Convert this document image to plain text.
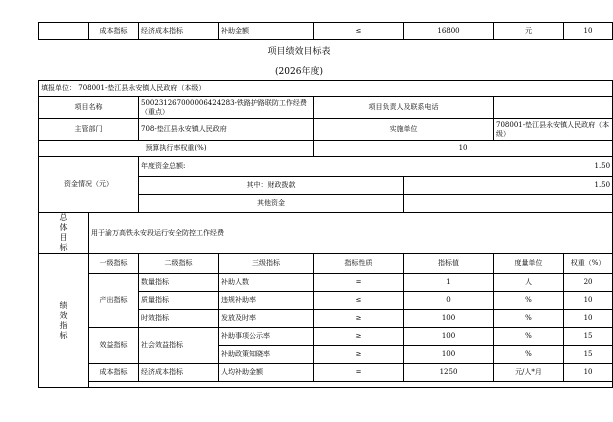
	成本指标	经济成本指标	补助金额	≤	16800	元	10
项目绩效目标表
(2026年度)
填报单位： 708001-垫江县永安镇人民政府（本级）							
项目名称		500231267000006424283-铁路护路联防工作经费（重点）		项目负责人及联系电话			
主管部门		708-垫江县永安镇人民政府		实施单位		708001-垫江县永安镇人民政府（本级）	
预算执行率权重(%)				10			
资金情况（元）		年度资金总额: 1.50					

		其中：财政拨款			1.50		
		其他资金					
总体目标	用于渝万高铁永安段运行安全防控工作经费						
绩效指标	一级指标	二级指标	三级指标	指标性质	指标值	度量单位	权重（%）
	产出指标	数量指标	补助人数	=	1	人	20
		质量指标	违规补助率	≤	0	%	10
		时效指标	发放及时率	≥	100	%	10
	效益指标	社会效益指标	补助事项公示率	≥	100	%	15
			补助政策知晓率	≥	100	%	15
	成本指标	经济成本指标	人均补助金额	=	1250	元/人*月	10
